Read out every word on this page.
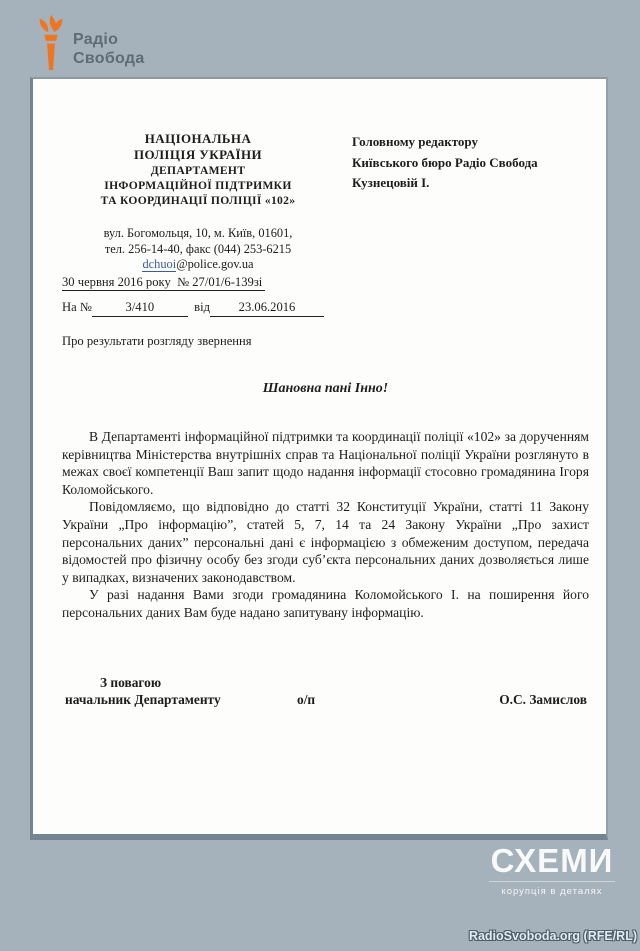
Радіо
Свобода
НАЦІОНАЛЬНА
ПОЛІЦІЯ УКРАЇНИ
ДЕПАРТАМЕНТ
ІНФОРМАЦІЙНОЇ ПІДТРИМКИ
ТА КООРДИНАЦІЇ ПОЛІЦІЇ «102»
вул. Богомольця, 10, м. Київ, 01601,
тел. 256-14-40, факс (044) 253-6215
dchuoi@police.gov.ua
30 червня 2016 року № 27/01/6-139зі
На №	3/410	від 23.06.2016
Головному редактору
Київського бюро Радіо Свобода
Кузнецовій І.
Про результати розгляду звернення
Шановна пані Інно!

В Департаменті інформаційної підтримки та координації поліції «102» за дорученням керівництва Міністерства внутрішніх справ та Національної поліції України розглянуто в межах своєї компетенції Ваш запит щодо надання інформації стосовно громадянина Ігоря Коломойського.

Повідомляємо, що відповідно до статті 32 Конституції України, статті 11 Закону України „Про інформацію”, статей 5, 7, 14 та 24 Закону України „Про захист персональних даних” персональні дані є інформацією з обмеженим доступом, передача відомостей про фізичну особу без згоди суб’єкта персональних даних дозволяється лише у випадках, визначених законодавством.

У разі надання Вами згоди громадянина Коломойського І. на поширення його персональних даних Вам буде надано запитувану інформацію.

З повагою
начальник Департаменту	о/п	О.С. Замислов
СХЕМИ
корупція в деталях
RadioSvoboda.org (RFE/RL)
